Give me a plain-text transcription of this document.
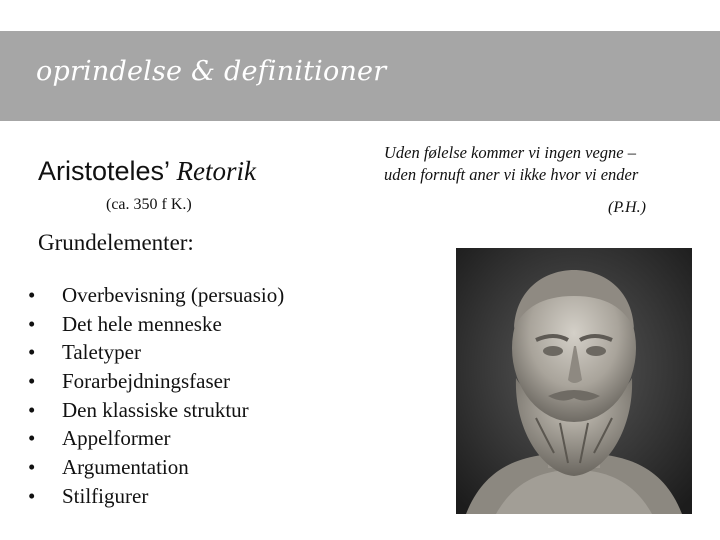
oprindelse & definitioner
Aristoteles’ Retorik
(ca. 350 f K.)
Grundelementer:
• Overbevisning (persuasio)
• Det hele menneske
• Taletyper
• Forarbejdningsfaser
• Den klassiske struktur
• Appelformer
• Argumentation
• Stilfigurer
Uden følelse kommer vi ingen vegne –
uden fornuft aner vi ikke hvor vi ender
(P.H.)
